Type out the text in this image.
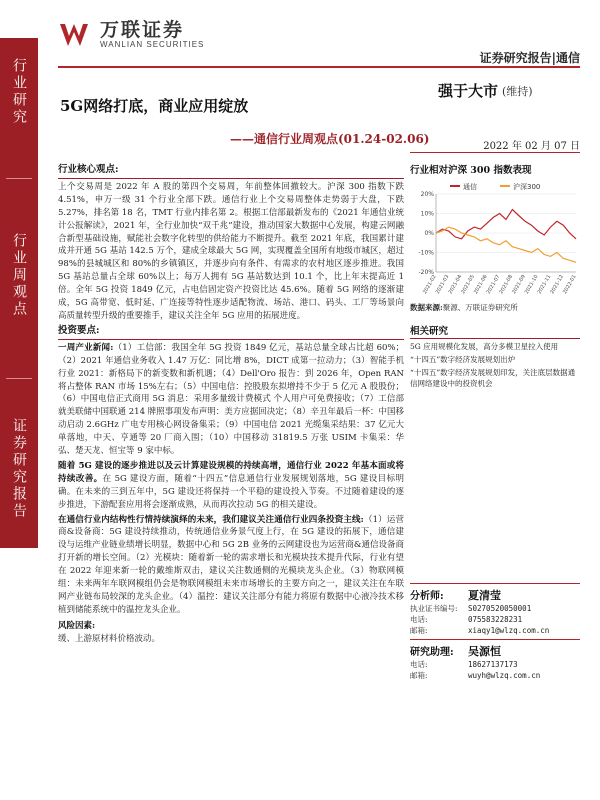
万联证券
WANLIAN SECURITIES
证券研究报告|通信
行业研究
行业周观点
证券研究报告
5G网络打底，商业应用绽放
——通信行业周观点(01.24-02.06)
强于大市 (维持)
2022 年 02 月 07 日
行业核心观点:
上个交易周是 2022 年 A 股的第四个交易周，年前整体回撤较大。沪深 300 指数下跌 4.51%，申万一级 31 个行业全部下跌。通信行业上个交易周整体走势弱于大盘，下跌 5.27%，排名第 18 名，TMT 行业内排名第 2。根据工信部最新发布的《2021 年通信业统计公报解读》，2021 年，全行业加快“双千兆”建设，推动国家大数据中心发展，构建云网融合新型基础设施，赋能社会数字化转型的供给能力不断提升。截至 2021 年底，我国累计建成并开通 5G 基站 142.5 万个，建成全球最大 5G 网，实现覆盖全国所有地级市城区，超过 98%的县城城区和 80%的乡镇镇区，并逐步向有条件、有需求的农村地区逐步推进。我国 5G 基站总量占全球 60%以上；每万人拥有 5G 基站数达到 10.1 个，比上年末提高近 1 倍。全年 5G 投资 1849 亿元，占电信固定资产投资比达 45.6%。随着 5G 网络的逐渐建成，5G 高带宽、低时延、广连接等特性逐步适配物流、场站、港口、码头、工厂等场景向高质量转型升级的重要推手，建议关注全年 5G 应用的拓展进度。
投资要点:
一周产业新闻:（1）工信部：我国全年 5G 投资 1849 亿元，基站总量全球占比超 60%；（2）2021 年通信业务收入 1.47 万亿：同比增 8%，DICT 成第一拉动力；（3）智能手机行业 2021：新格局下的新变数和新机遇；（4）Dell'Oro 报告：到 2026 年，Open RAN 将占整体 RAN 市场 15%左右；（5）中国电信：控股股东拟增持不少于 5 亿元 A 股股份；（6）中国电信正式商用 5G 消息：采用多量级计费模式 个人用户可免费接收；（7）工信部就美联储中国联通 214 牌照事项发布声明：美方应据回决定；（8）辛丑年最后一杯：中国移动启动 2.6GHz 广电专用核心网设备集采；（9）中国电信 2021 光缆集采结果：37 亿元大单落地，中天、亨通等 20 厂商入围；（10）中国移动 31819.5 万张 USIM 卡集采：华弘、楚天龙、恒宝等 9 家中标。
随着 5G 建设的逐步推进以及云计算建设规模的持续高增，通信行业 2022 年基本面或将持续改善。在 5G 建设方面，随着“十四五”信息通信行业发展规划落地，5G 建设目标明确。在未来的三到五年中，5G 建设还将保持一个平稳的建设投入节奏。不过随着建设的逐步推进，下游配套应用将会逐渐成熟，从而再次拉动 5G 的相关建设。
在通信行业内结构性行情持续演绎的未来，我们建议关注通信行业四条投资主线:（1）运营商&设备商：5G 建设持续推动，传统通信业务景气度上行，在 5G 建设的拓展下，通信建设与运维产业链业绩增长明显，数据中心和 5G 2B 业务的云网建设也为运营商&通信设备商打开新的增长空间。（2）光模块：随着新一轮的需求增长和光模块技术提升代际，行业有望在 2022 年迎来新一轮的戴维斯双击，建议关注数通侧的光模块龙头企业。（3）物联网模组：未来两年车联网模组仍会是物联网模组未来市场增长的主要方向之一，建议关注在车联网产业链布局较深的龙头企业。（4）温控：建议关注部分有能力将原有数据中心液冷技术移植到储能系统中的温控龙头企业。
风险因素:
缓、上游原材料价格波动。
行业相对沪深 300 指数表现
通信	沪深300
20%
10%
0%
-10%
-20%
2021-02
2021-03
2021-04
2021-05
2021-06
2021-07
2021-08
2021-09
2021-10
2021-11
2021-12
2022-01
数据来源:聚源、万联证券研究所
相关研究
5G 应用规模化发展，高分多模卫星拉入使用
“十四五”数字经济发展规划出炉
“十四五”数字经济发展规划印发，关注底层数据通信网络建设中的投资机会
分析师:	夏清莹
执业证书编号:	S0270520050001
电话:	075583228231
邮箱:	xiaqy1@wlzq.com.cn
研究助理:	吴源恒
电话:	18627137173
邮箱:	wuyh@wlzq.com.cn
